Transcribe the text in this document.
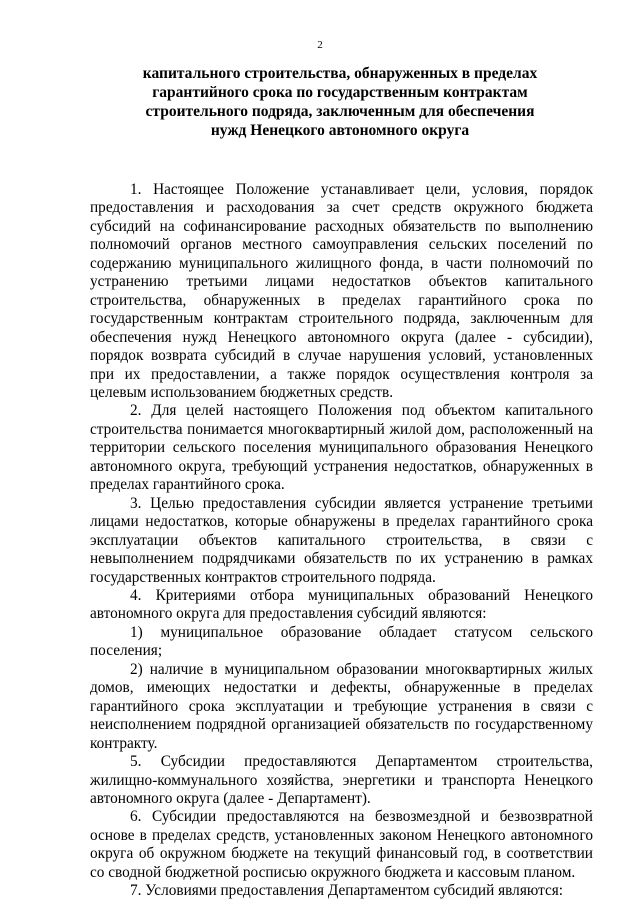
2
капитального строительства, обнаруженных в пределах
гарантийного срока по государственным контрактам
строительного подряда, заключенным для обеспечения
нужд Ненецкого автономного округа

1. Настоящее Положение устанавливает цели, условия, порядок предоставления и расходования за счет средств окружного бюджета субсидий на софинансирование расходных обязательств по выполнению полномочий органов местного самоуправления сельских поселений по содержанию муниципального жилищного фонда, в части полномочий по устранению третьими лицами недостатков объектов капитального строительства, обнаруженных в пределах гарантийного срока по государственным контрактам строительного подряда, заключенным для обеспечения нужд Ненецкого автономного округа (далее - субсидии), порядок возврата субсидий в случае нарушения условий, установленных при их предоставлении, а также порядок осуществления контроля за целевым использованием бюджетных средств.

2. Для целей настоящего Положения под объектом капитального строительства понимается многоквартирный жилой дом, расположенный на территории сельского поселения муниципального образования Ненецкого автономного округа, требующий устранения недостатков, обнаруженных в пределах гарантийного срока.

3. Целью предоставления субсидии является устранение третьими лицами недостатков, которые обнаружены в пределах гарантийного срока эксплуатации объектов капитального строительства, в связи с невыполнением подрядчиками обязательств по их устранению в рамках государственных контрактов строительного подряда.

4. Критериями отбора муниципальных образований Ненецкого автономного округа для предоставления субсидий являются:

1) муниципальное образование обладает статусом сельского поселения;

2) наличие в муниципальном образовании многоквартирных жилых домов, имеющих недостатки и дефекты, обнаруженные в пределах гарантийного срока эксплуатации и требующие устранения в связи с неисполнением подрядной организацией обязательств по государственному контракту.

5. Субсидии предоставляются Департаментом строительства, жилищно-коммунального хозяйства, энергетики и транспорта Ненецкого автономного округа (далее - Департамент).

6. Субсидии предоставляются на безвозмездной и безвозвратной основе в пределах средств, установленных законом Ненецкого автономного округа об окружном бюджете на текущий финансовый год, в соответствии со сводной бюджетной росписью окружного бюджета и кассовым планом.

7. Условиями предоставления Департаментом субсидий являются:
